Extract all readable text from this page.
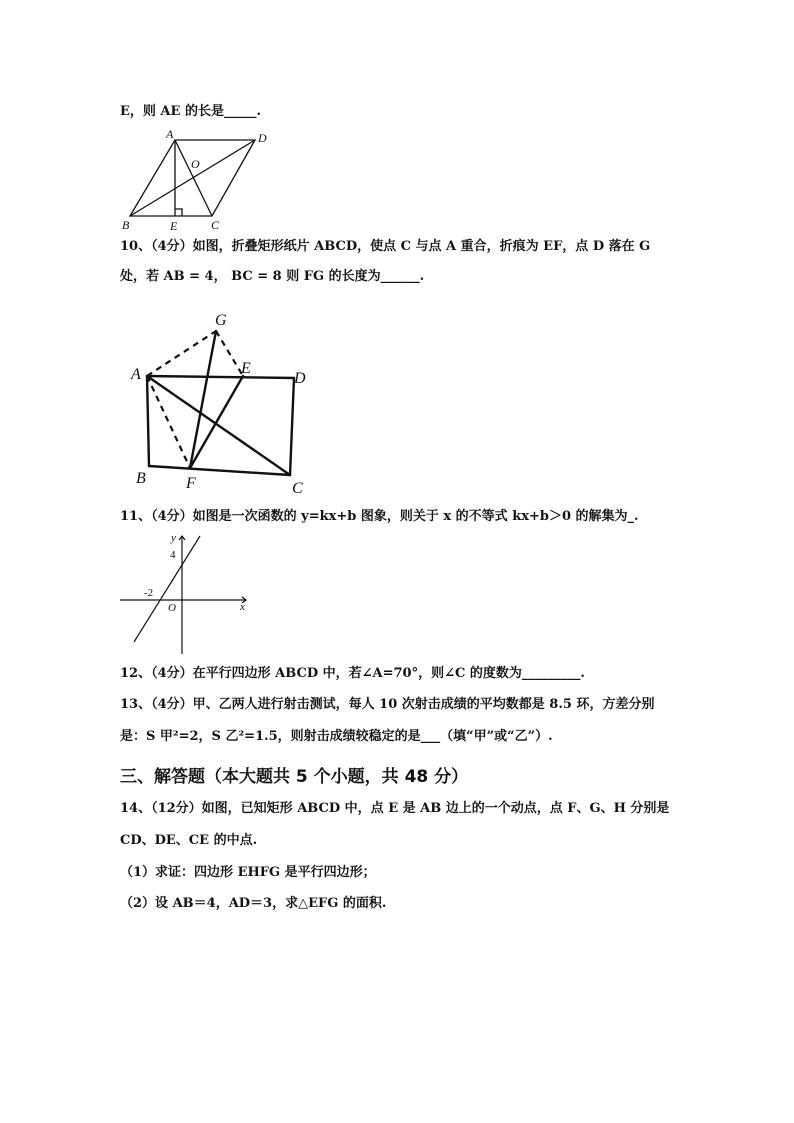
E，则 AE 的长是_____.
A	D
O
B	E	C
10、（4分）如图，折叠矩形纸片 ABCD，使点 C 与点 A 重合，折痕为 EF，点 D 落在 G
处，若 AB = 4， BC = 8 则 FG 的长度为______.
G
A	E
D
B	F	C
11、（4分）如图是一次函数的 y=kx+b 图象，则关于 x 的不等式 kx+b＞0 的解集为_.
y
4
-2
O	x
12、（4分）在平行四边形 ABCD 中，若∠A=70°，则∠C 的度数为_________.
13、（4分）甲、乙两人进行射击测试，每人 10 次射击成绩的平均数都是 8.5 环，方差分别
是：S 甲²=2，S 乙²=1.5，则射击成绩较稳定的是___（填“甲”或“乙”）.
三、解答题（本大题共 5 个小题，共 48 分）
14、（12分）如图，已知矩形 ABCD 中，点 E 是 AB 边上的一个动点，点 F、G、H 分别是
CD、DE、CE 的中点.
（1）求证：四边形 EHFG 是平行四边形；
（2）设 AB＝4，AD＝3，求△EFG 的面积.
